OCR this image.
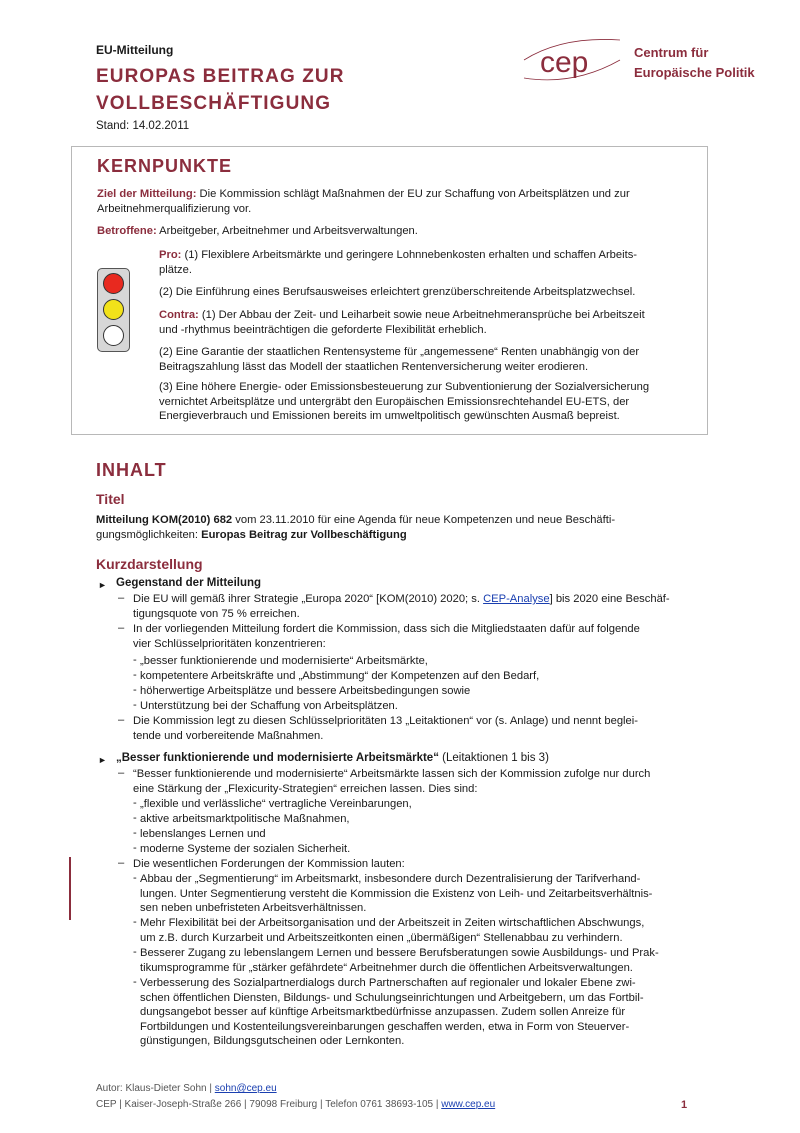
EU-Mitteilung
EUROPAS BEITRAG ZUR
VOLLBESCHÄFTIGUNG
Stand: 14.02.2011
cep	Centrum für
Europäische Politik
KERNPUNKTE

Ziel der Mitteilung: Die Kommission schlägt Maßnahmen der EU zur Schaffung von Arbeitsplätzen und zur
Arbeitnehmerqualifizierung vor.

Betroffene: Arbeitgeber, Arbeitnehmer und Arbeitsverwaltungen.

Pro: (1) Flexiblere Arbeitsmärkte und geringere Lohnnebenkosten erhalten und schaffen Arbeits-
plätze.

(2) Die Einführung eines Berufsausweises erleichtert grenzüberschreitende Arbeitsplatzwechsel.

Contra: (1) Der Abbau der Zeit- und Leiharbeit sowie neue Arbeitnehmeransprüche bei Arbeitszeit
und -rhythmus beeinträchtigen die geforderte Flexibilität erheblich.

(2) Eine Garantie der staatlichen Rentensysteme für „angemessene“ Renten unabhängig von der
Beitragszahlung lässt das Modell der staatlichen Rentenversicherung weiter erodieren.

(3) Eine höhere Energie- oder Emissionsbesteuerung zur Subventionierung der Sozialversicherung
vernichtet Arbeitsplätze und untergräbt den Europäischen Emissionsrechtehandel EU-ETS, der
Energieverbrauch und Emissionen bereits im umweltpolitisch gewünschten Ausmaß bepreist.

INHALT
Titel

Mitteilung KOM(2010) 682 vom 23.11.2010 für eine Agenda für neue Kompetenzen und neue Beschäfti-
gungsmöglichkeiten: Europas Beitrag zur Vollbeschäftigung

Kurzdarstellung
► Gegenstand der Mitteilung
– Die EU will gemäß ihrer Strategie „Europa 2020“ [KOM(2010) 2020; s. CEP-Analyse] bis 2020 eine Beschäf-
tigungsquote von 75 % erreichen.

– In der vorliegenden Mitteilung fordert die Kommission, dass sich die Mitgliedstaaten dafür auf folgende
vier Schlüsselprioritäten konzentrieren:

- „besser funktionierende und modernisierte“ Arbeitsmärkte,

- kompetentere Arbeitskräfte und „Abstimmung“ der Kompetenzen auf den Bedarf,

- höherwertige Arbeitsplätze und bessere Arbeitsbedingungen sowie

- Unterstützung bei der Schaffung von Arbeitsplätzen.

– Die Kommission legt zu diesen Schlüsselprioritäten 13 „Leitaktionen“ vor (s. Anlage) und nennt beglei-
tende und vorbereitende Maßnahmen.

► „Besser funktionierende und modernisierte Arbeitsmärkte“ (Leitaktionen 1 bis 3)
– “Besser funktionierende und modernisierte“ Arbeitsmärkte lassen sich der Kommission zufolge nur durch
eine Stärkung der „Flexicurity-Strategien“ erreichen lassen. Dies sind:

- „flexible und verlässliche“ vertragliche Vereinbarungen,

- aktive arbeitsmarktpolitische Maßnahmen,

- lebenslanges Lernen und

- moderne Systeme der sozialen Sicherheit.

– Die wesentlichen Forderungen der Kommission lauten:

- Abbau der „Segmentierung“ im Arbeitsmarkt, insbesondere durch Dezentralisierung der Tarifverhand-
lungen. Unter Segmentierung versteht die Kommission die Existenz von Leih- und Zeitarbeitsverhältnis-
sen neben unbefristeten Arbeitsverhältnissen.

- Mehr Flexibilität bei der Arbeitsorganisation und der Arbeitszeit in Zeiten wirtschaftlichen Abschwungs,
um z.B. durch Kurzarbeit und Arbeitszeitkonten einen „übermäßigen“ Stellenabbau zu verhindern.

- Besserer Zugang zu lebenslangem Lernen und bessere Berufsberatungen sowie Ausbildungs- und Prak-
tikumsprogramme für „stärker gefährdete“ Arbeitnehmer durch die öffentlichen Arbeitsverwaltungen.

- Verbesserung des Sozialpartnerdialogs durch Partnerschaften auf regionaler und lokaler Ebene zwi-
schen öffentlichen Diensten, Bildungs- und Schulungseinrichtungen und Arbeitgebern, um das Fortbil-
dungsangebot besser auf künftige Arbeitsmarktbedürfnisse anzupassen. Zudem sollen Anreize für
Fortbildungen und Kostenteilungsvereinbarungen geschaffen werden, etwa in Form von Steuerver-
günstigungen, Bildungsgutscheinen oder Lernkonten.

Autor: Klaus-Dieter Sohn | sohn@cep.eu
CEP | Kaiser-Joseph-Straße 266 | 79098 Freiburg | Telefon 0761 38693-105 | www.cep.eu	1
